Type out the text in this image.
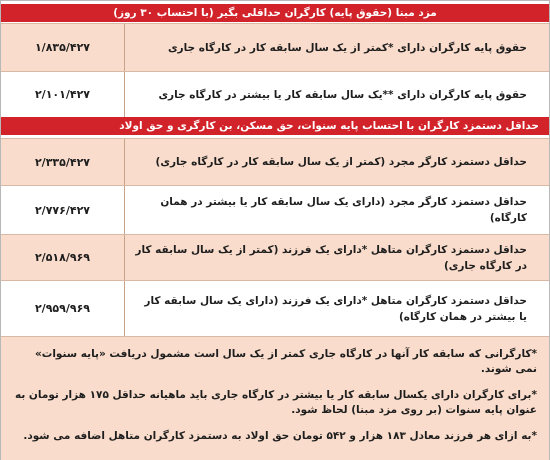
مزد مبنا (حقوق پایه) کارگران حداقلی بگیر (با احتساب ۳۰ روز)
حقوق پایه کارگران دارای *کمتر از یک سال سابقه کار در کارگاه جاری
۱/۸۳۵/۴۲۷
حقوق پایه کارگران دارای **یک سال سابقه کار یا بیشتر در کارگاه جاری
۲/۱۰۱/۴۲۷
حداقل دستمزد کارگران با احتساب پایه سنوات، حق مسکن، بن کارگری و حق اولاد
حداقل دستمزد کارگر مجرد (کمتر از یک سال سابقه کار در کارگاه جاری)
۲/۳۳۵/۴۲۷
حداقل دستمزد کارگر مجرد (دارای یک سال سابقه کار یا بیشتر در همان کارگاه)
۲/۷۷۶/۴۲۷
حداقل دستمزد کارگران متاهل *دارای یک فرزند (کمتر از یک سال سابقه کار در کارگاه جاری)
۲/۵۱۸/۹۶۹
حداقل دستمزد کارگران متاهل *دارای یک فرزند (دارای یک سال سابقه کار یا بیشتر در همان کارگاه)
۲/۹۵۹/۹۶۹

*کارگرانی که سابقه کار آنها در کارگاه جاری کمتر از یک سال است مشمول دریافت «پایه سنوات» نمی شوند.

*برای کارگران دارای یکسال سابقه کار یا بیشتر در کارگاه جاری باید ماهیانه حداقل ۱۷۵ هزار تومان به عنوان پایه سنوات (بر روی مزد مبنا) لحاظ شود.

*به ازای هر فرزند معادل ۱۸۳ هزار و ۵۴۲ تومان حق اولاد به دستمزد کارگران متاهل اضافه می شود.
